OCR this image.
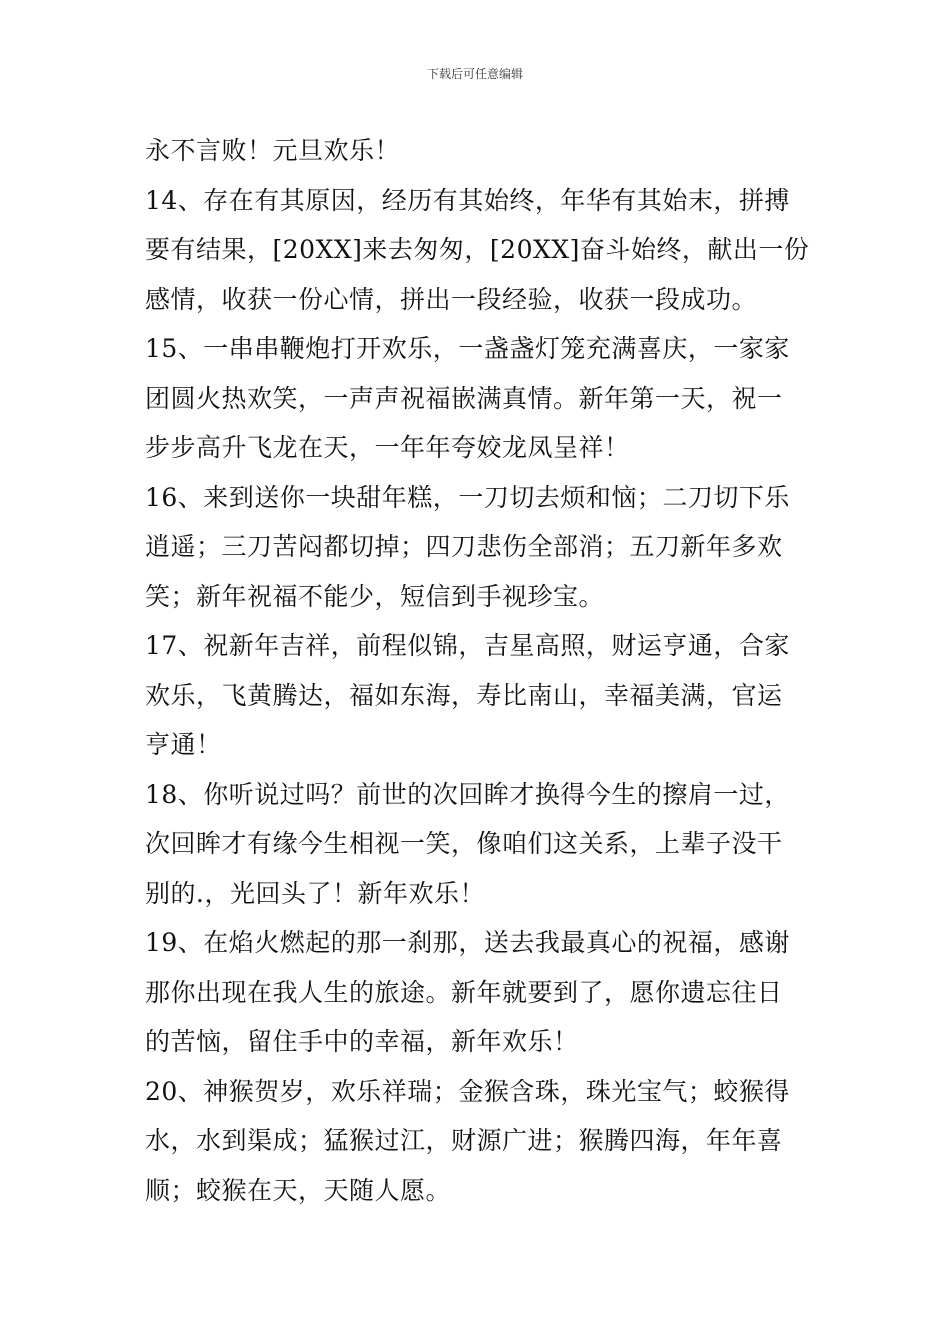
下载后可任意编辑

永不言败！元旦欢乐！

14、存在有其原因，经历有其始终，年华有其始末，拼搏
要有结果，[20XX]来去匆匆，[20XX]奋斗始终，献出一份
感情，收获一份心情，拼出一段经验，收获一段成功。

15、一串串鞭炮打开欢乐，一盏盏灯笼充满喜庆，一家家
团圆火热欢笑，一声声祝福嵌满真情。新年第一天，祝一
步步高升飞龙在天，一年年夸姣龙凤呈祥！

16、来到送你一块甜年糕，一刀切去烦和恼；二刀切下乐
逍遥；三刀苦闷都切掉；四刀悲伤全部消；五刀新年多欢
笑；新年祝福不能少，短信到手视珍宝。

17、祝新年吉祥，前程似锦，吉星高照，财运亨通，合家
欢乐，飞黄腾达，福如东海，寿比南山，幸福美满，官运
亨通！

18、你听说过吗？前世的次回眸才换得今生的擦肩一过，
次回眸才有缘今生相视一笑，像咱们这关系，上辈子没干
别的.，光回头了！新年欢乐！

19、在焰火燃起的那一刹那，送去我最真心的祝福，感谢
那你出现在我人生的旅途。新年就要到了，愿你遗忘往日
的苦恼，留住手中的幸福，新年欢乐！

20、神猴贺岁，欢乐祥瑞；金猴含珠，珠光宝气；蛟猴得
水，水到渠成；猛猴过江，财源广进；猴腾四海，年年喜
顺；蛟猴在天，天随人愿。
